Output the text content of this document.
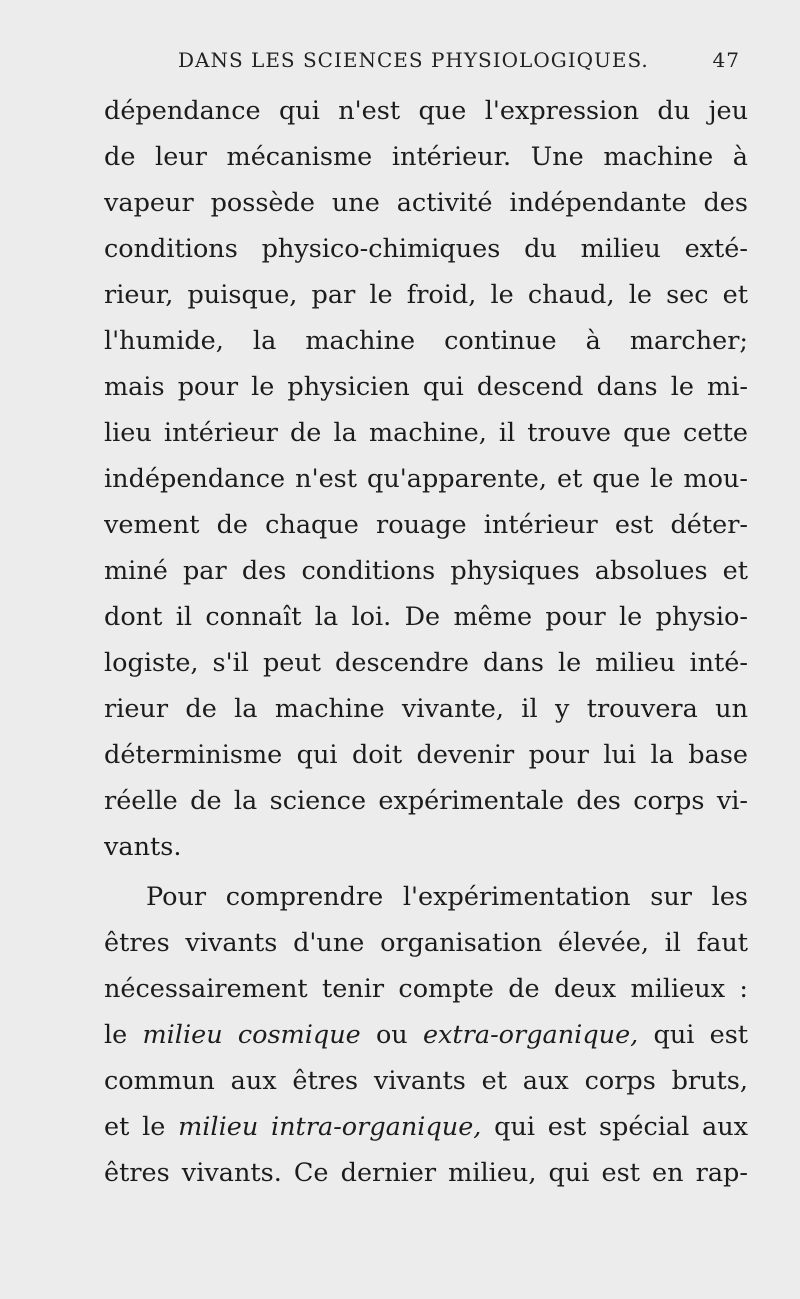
DANS LES SCIENCES PHYSIOLOGIQUES.	47
dépendance qui n'est que l'expression du jeu
de leur mécanisme intérieur. Une machine à
vapeur possède une activité indépendante des
conditions physico-chimiques du milieu exté-
rieur, puisque, par le froid, le chaud, le sec et
l'humide, la machine continue à marcher;
mais pour le physicien qui descend dans le mi-
lieu intérieur de la machine, il trouve que cette
indépendance n'est qu'apparente, et que le mou-
vement de chaque rouage intérieur est déter-
miné par des conditions physiques absolues et
dont il connaît la loi. De même pour le physio-
logiste, s'il peut descendre dans le milieu inté-
rieur de la machine vivante, il y trouvera un
déterminisme qui doit devenir pour lui la base
réelle de la science expérimentale des corps vi-
vants.
Pour comprendre l'expérimentation sur les
êtres vivants d'une organisation élevée, il faut
nécessairement tenir compte de deux milieux :
le milieu cosmique ou extra-organique, qui est
commun aux êtres vivants et aux corps bruts,
et le milieu intra-organique, qui est spécial aux
êtres vivants. Ce dernier milieu, qui est en rap-
